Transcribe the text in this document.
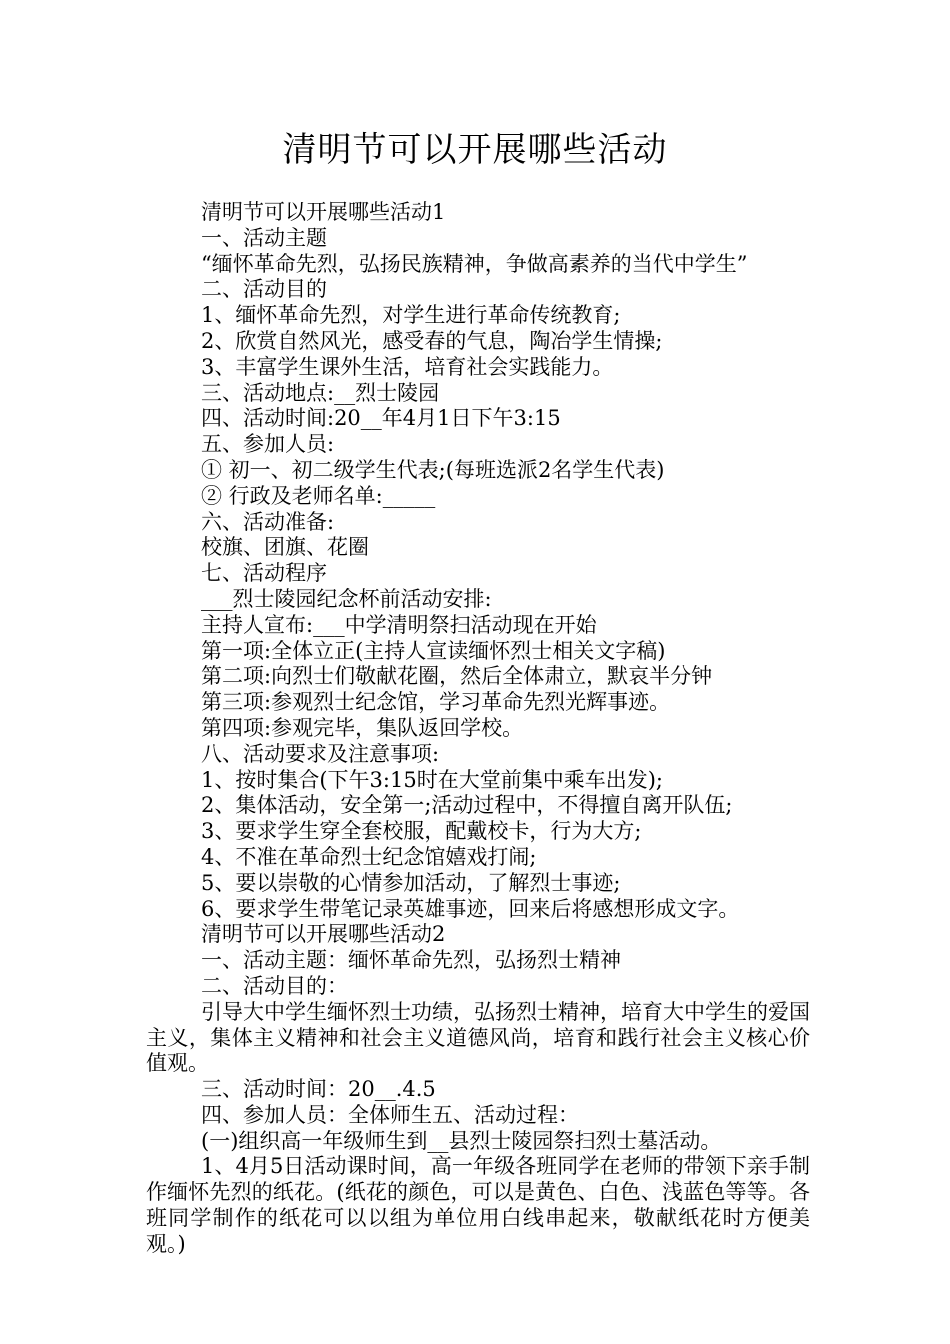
清明节可以开展哪些活动
清明节可以开展哪些活动1
一、活动主题
“缅怀革命先烈，弘扬民族精神，争做高素养的当代中学生”
二、活动目的
1、缅怀革命先烈，对学生进行革命传统教育;
2、欣赏自然风光，感受春的气息，陶冶学生情操;
3、丰富学生课外生活，培育社会实践能力。
三、活动地点:__烈士陵园
四、活动时间:20__年4月1日下午3:15
五、参加人员:
① 初一、初二级学生代表;(每班选派2名学生代表)
② 行政及老师名单:_____
六、活动准备:
校旗、团旗、花圈
七、活动程序
___烈士陵园纪念杯前活动安排:
主持人宣布:___中学清明祭扫活动现在开始
第一项:全体立正(主持人宣读缅怀烈士相关文字稿)
第二项:向烈士们敬献花圈，然后全体肃立，默哀半分钟
第三项:参观烈士纪念馆，学习革命先烈光辉事迹。
第四项:参观完毕，集队返回学校。
八、活动要求及注意事项:
1、按时集合(下午3:15时在大堂前集中乘车出发);
2、集体活动，安全第一;活动过程中，不得擅自离开队伍;
3、要求学生穿全套校服，配戴校卡，行为大方;
4、不准在革命烈士纪念馆嬉戏打闹;
5、要以崇敬的心情参加活动，了解烈士事迹;
6、要求学生带笔记录英雄事迹，回来后将感想形成文字。
清明节可以开展哪些活动2
一、活动主题：缅怀革命先烈，弘扬烈士精神
二、活动目的：
引导大中学生缅怀烈士功绩，弘扬烈士精神，培育大中学生的爱国主义，集体主义精神和社会主义道德风尚，培育和践行社会主义核心价值观。
三、活动时间：20__.4.5
四、参加人员：全体师生五、活动过程：
(一)组织高一年级师生到__县烈士陵园祭扫烈士墓活动。
1、4月5日活动课时间，高一年级各班同学在老师的带领下亲手制作缅怀先烈的纸花。(纸花的颜色，可以是黄色、白色、浅蓝色等等。各班同学制作的纸花可以以组为单位用白线串起来，敬献纸花时方便美观。)
